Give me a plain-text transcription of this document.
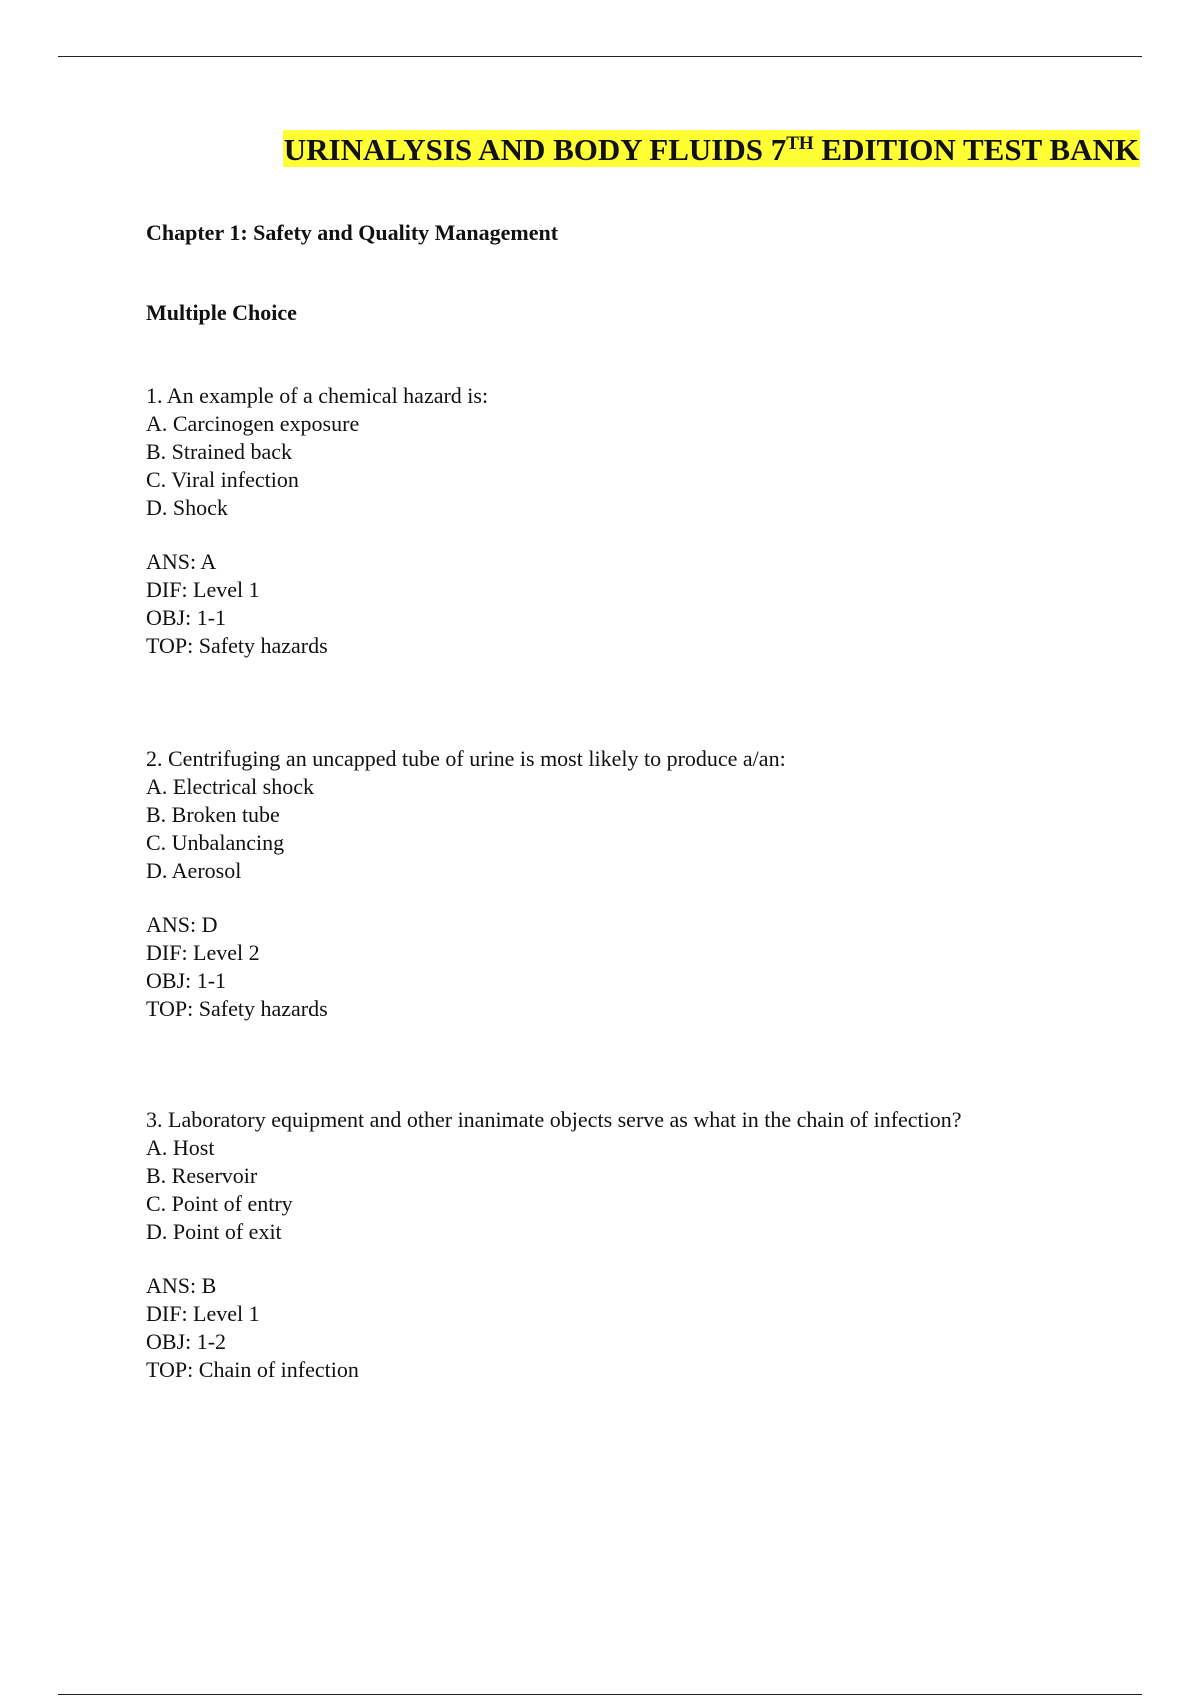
URINALYSIS AND BODY FLUIDS 7TH EDITION TEST BANK
Chapter 1: Safety and Quality Management
Multiple Choice
1. An example of a chemical hazard is:
A. Carcinogen exposure
B. Strained back
C. Viral infection
D. Shock
ANS: A
DIF: Level 1
OBJ: 1-1
TOP: Safety hazards
2. Centrifuging an uncapped tube of urine is most likely to produce a/an:
A. Electrical shock
B. Broken tube
C. Unbalancing
D. Aerosol
ANS: D
DIF: Level 2
OBJ: 1-1
TOP: Safety hazards
3. Laboratory equipment and other inanimate objects serve as what in the chain of infection?
A. Host
B. Reservoir
C. Point of entry
D. Point of exit
ANS: B
DIF: Level 1
OBJ: 1-2
TOP: Chain of infection
